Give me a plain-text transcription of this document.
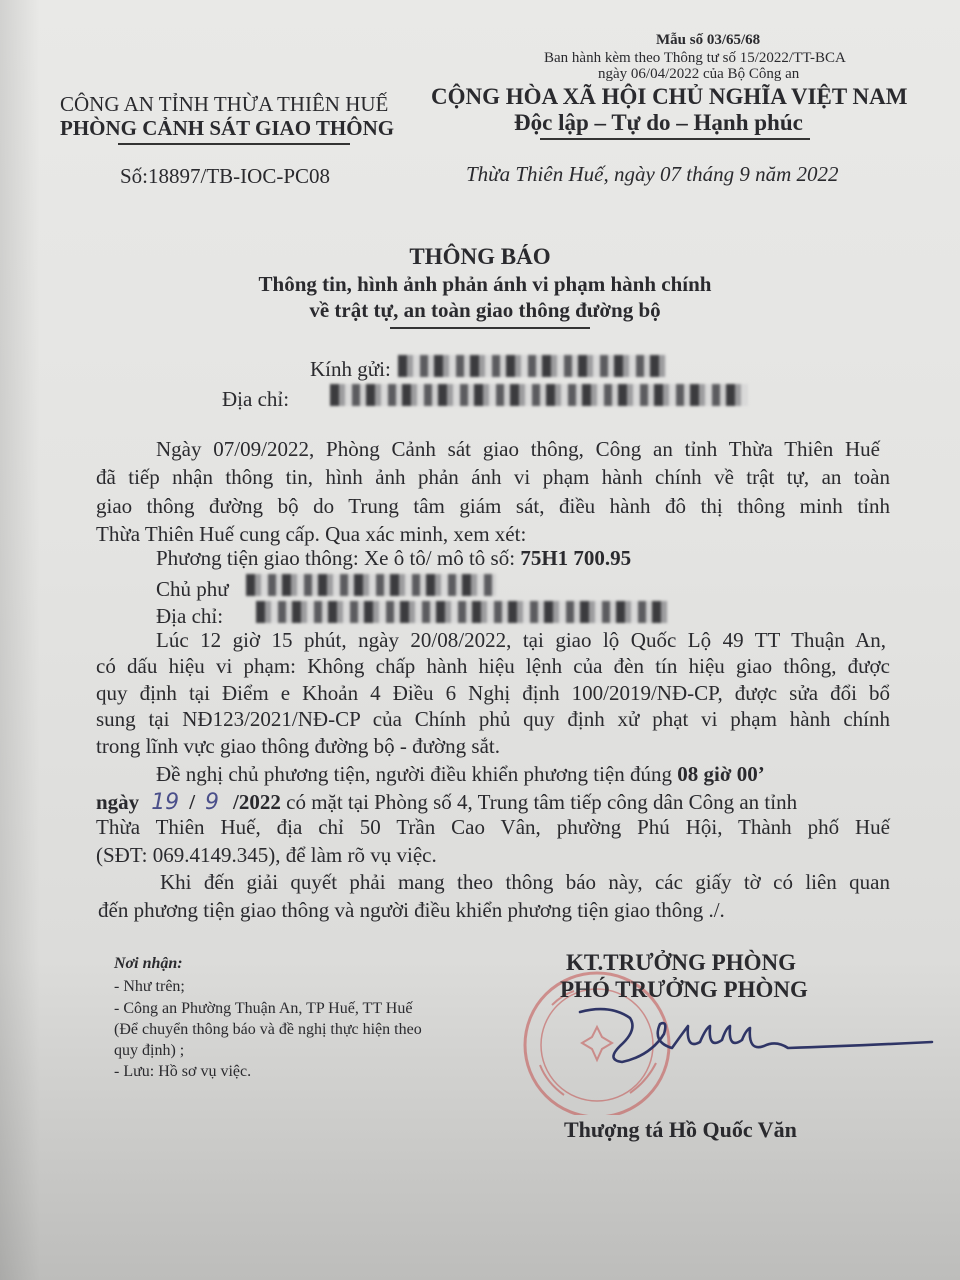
Mẫu số 03/65/68
Ban hành kèm theo Thông tư số 15/2022/TT-BCA
ngày 06/04/2022 của Bộ Công an
CÔNG AN TỈNH THỪA THIÊN HUẾ
PHÒNG CẢNH SÁT GIAO THÔNG
CỘNG HÒA XÃ HỘI CHỦ NGHĨA VIỆT NAM
Độc lập – Tự do – Hạnh phúc
Số:18897/TB-IOC-PC08	Thừa Thiên Huế, ngày 07 tháng 9 năm 2022
THÔNG BÁO
Thông tin, hình ảnh phản ánh vi phạm hành chính
về trật tự, an toàn giao thông đường bộ
Kính gửi:
Địa chỉ:
Ngày 07/09/2022, Phòng Cảnh sát giao thông, Công an tỉnh Thừa Thiên Huế
đã tiếp nhận thông tin, hình ảnh phản ánh vi phạm hành chính về trật tự, an toàn
giao thông đường bộ do Trung tâm giám sát, điều hành đô thị thông minh tỉnh
Thừa Thiên Huế cung cấp. Qua xác minh, xem xét:
Phương tiện giao thông: Xe ô tô/ mô tô số: 75H1 700.95
Chủ phư
Địa chỉ:
Lúc 12 giờ 15 phút, ngày 20/08/2022, tại giao lộ Quốc Lộ 49 TT Thuận An,
có dấu hiệu vi phạm: Không chấp hành hiệu lệnh của đèn tín hiệu giao thông, được
quy định tại Điểm e Khoản 4 Điều 6 Nghị định 100/2019/NĐ-CP, được sửa đổi bổ
sung tại NĐ123/2021/NĐ-CP của Chính phủ quy định xử phạt vi phạm hành chính
trong lĩnh vực giao thông đường bộ - đường sắt.
Đề nghị chủ phương tiện, người điều khiển phương tiện đúng 08 giờ 00’
ngày 19 / 9 /2022 có mặt tại Phòng số 4, Trung tâm tiếp công dân Công an tỉnh
Thừa Thiên Huế, địa chỉ 50 Trần Cao Vân, phường Phú Hội, Thành phố Huế
(SĐT: 069.4149.345), để làm rõ vụ việc.
Khi đến giải quyết phải mang theo thông báo này, các giấy tờ có liên quan
đến phương tiện giao thông và người điều khiển phương tiện giao thông ./.
Nơi nhận:
- Như trên;
- Công an Phường Thuận An, TP Huế, TT Huế
(Để chuyển thông báo và đề nghị thực hiện theo
quy định) ;
- Lưu: Hồ sơ vụ việc.
KT.TRƯỞNG PHÒNG
PHÓ TRƯỞNG PHÒNG
Thượng tá Hồ Quốc Văn
